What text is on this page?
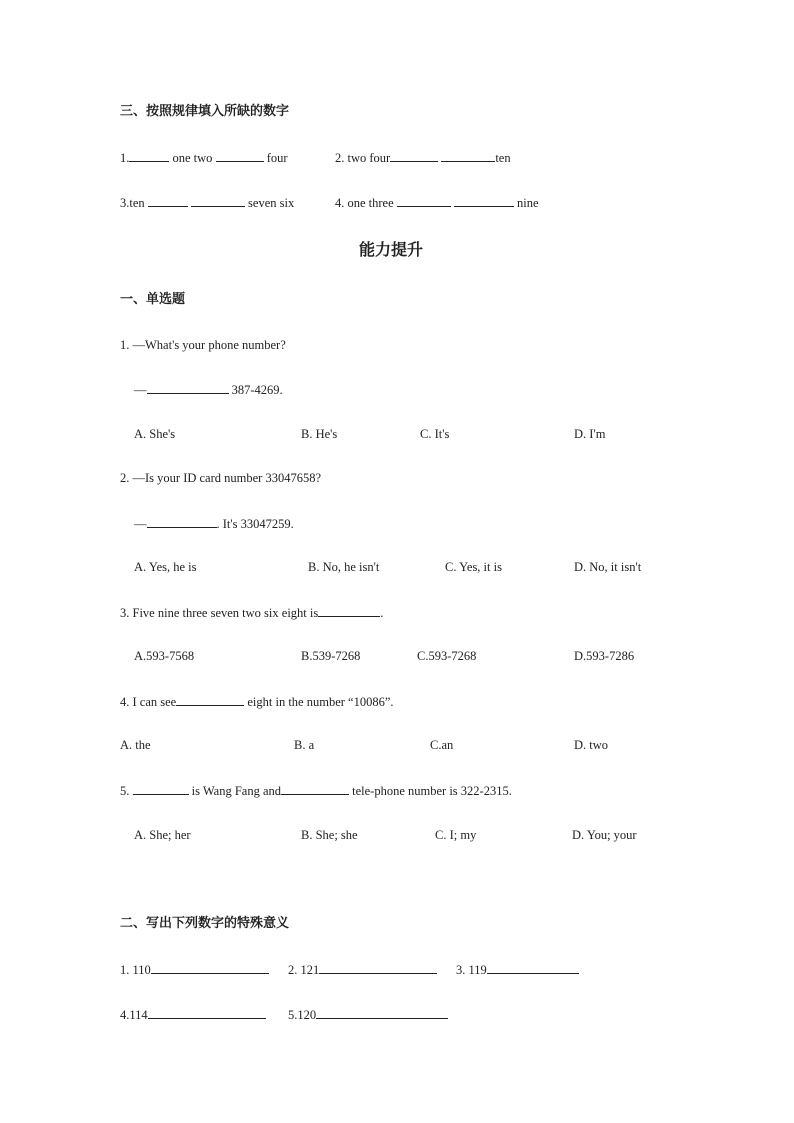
三、按照规律填入所缺的数字
1.	one two	four	2. two four	ten
3.ten	seven six	4. one three	nine
能力提升
一、单选题
1. —What's your phone number?
—	387-4269.
A. She's	B. He's	C. It's	D. I'm
2. —Is your ID card number 33047658?
—	. It's 33047259.
A. Yes, he is	B. No, he isn't	C. Yes, it is	D. No, it isn't
3. Five nine three seven two six eight is	.
A.593-7568	B.539-7268	C.593-7268	D.593-7286
4. I can see	eight in the number “10086”.
A. the	B. a	C.an	D. two
5.	is Wang Fang and	tele-phone number is 322-2315.
A. She; her	B. She; she	C. I; my	D. You; your
二、写出下列数字的特殊意义
1. 110	2. 121	3. 119
4.114	5.120
